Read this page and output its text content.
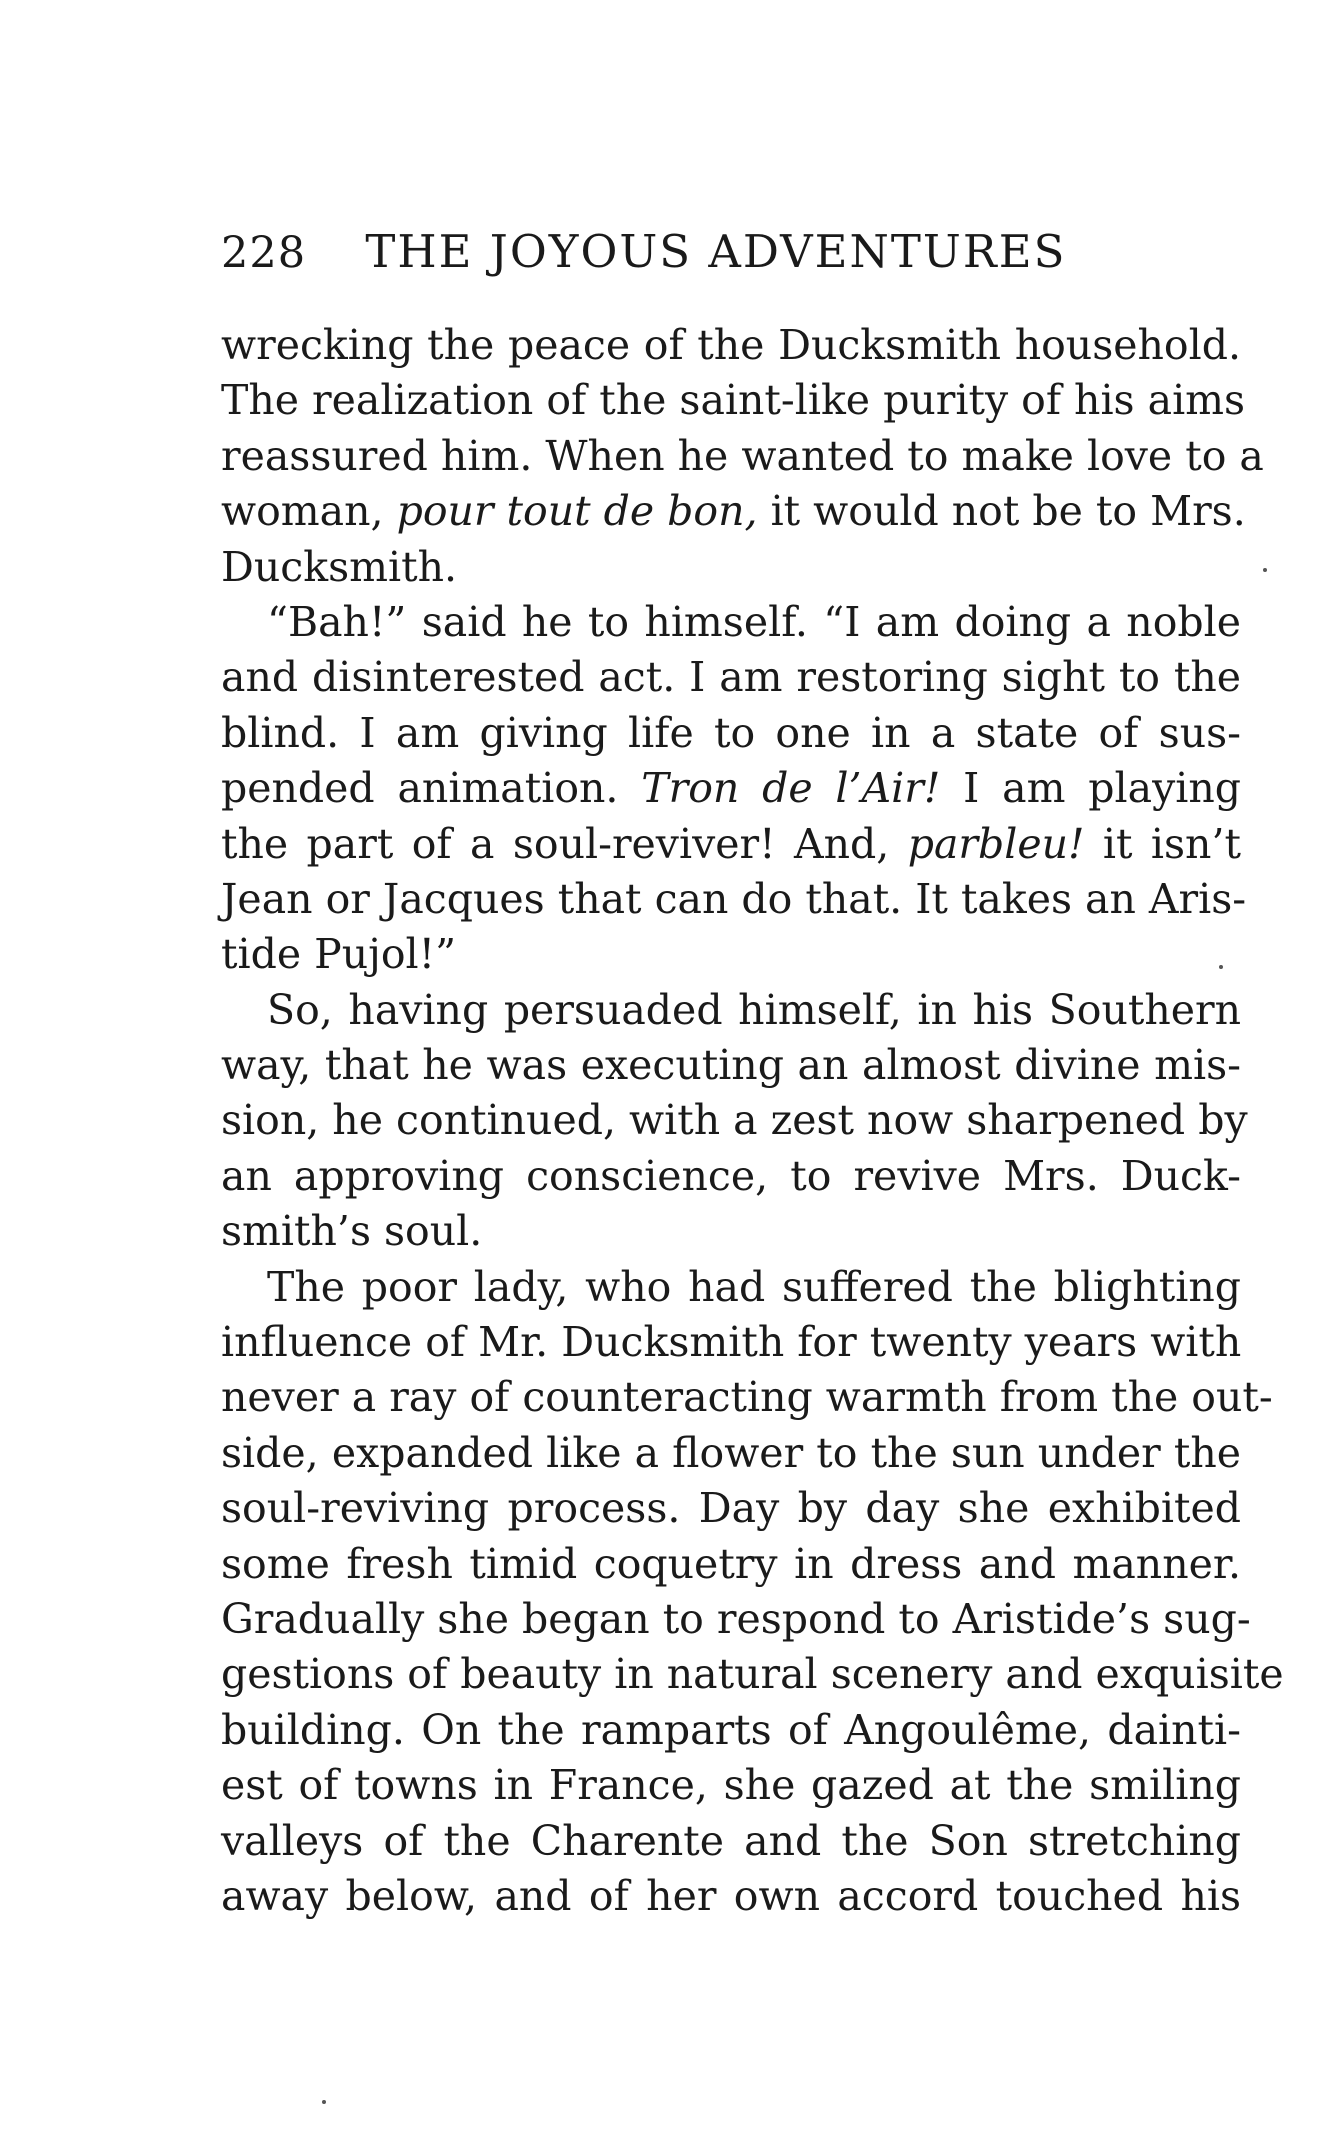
228 THE JOYOUS ADVENTURES
wrecking the peace of the Ducksmith household.
The realization of the saint-like purity of his aims
reassured him. When he wanted to make love to a
woman, pour tout de bon, it would not be to Mrs.
Ducksmith.
“Bah!” said he to himself. “I am doing a noble
and disinterested act. I am restoring sight to the
blind. I am giving life to one in a state of sus-
pended animation. Tron de l’Air! I am playing
the part of a soul-reviver! And, parbleu! it isn’t
Jean or Jacques that can do that. It takes an Aris-
tide Pujol!”
So, having persuaded himself, in his Southern
way, that he was executing an almost divine mis-
sion, he continued, with a zest now sharpened by
an approving conscience, to revive Mrs. Duck-
smith’s soul.
The poor lady, who had suffered the blighting
influence of Mr. Ducksmith for twenty years with
never a ray of counteracting warmth from the out-
side, expanded like a flower to the sun under the
soul-reviving process. Day by day she exhibited
some fresh timid coquetry in dress and manner.
Gradually she began to respond to Aristide’s sug-
gestions of beauty in natural scenery and exquisite
building. On the ramparts of Angoulême, dainti-
est of towns in France, she gazed at the smiling
valleys of the Charente and the Son stretching
away below, and of her own accord touched his
